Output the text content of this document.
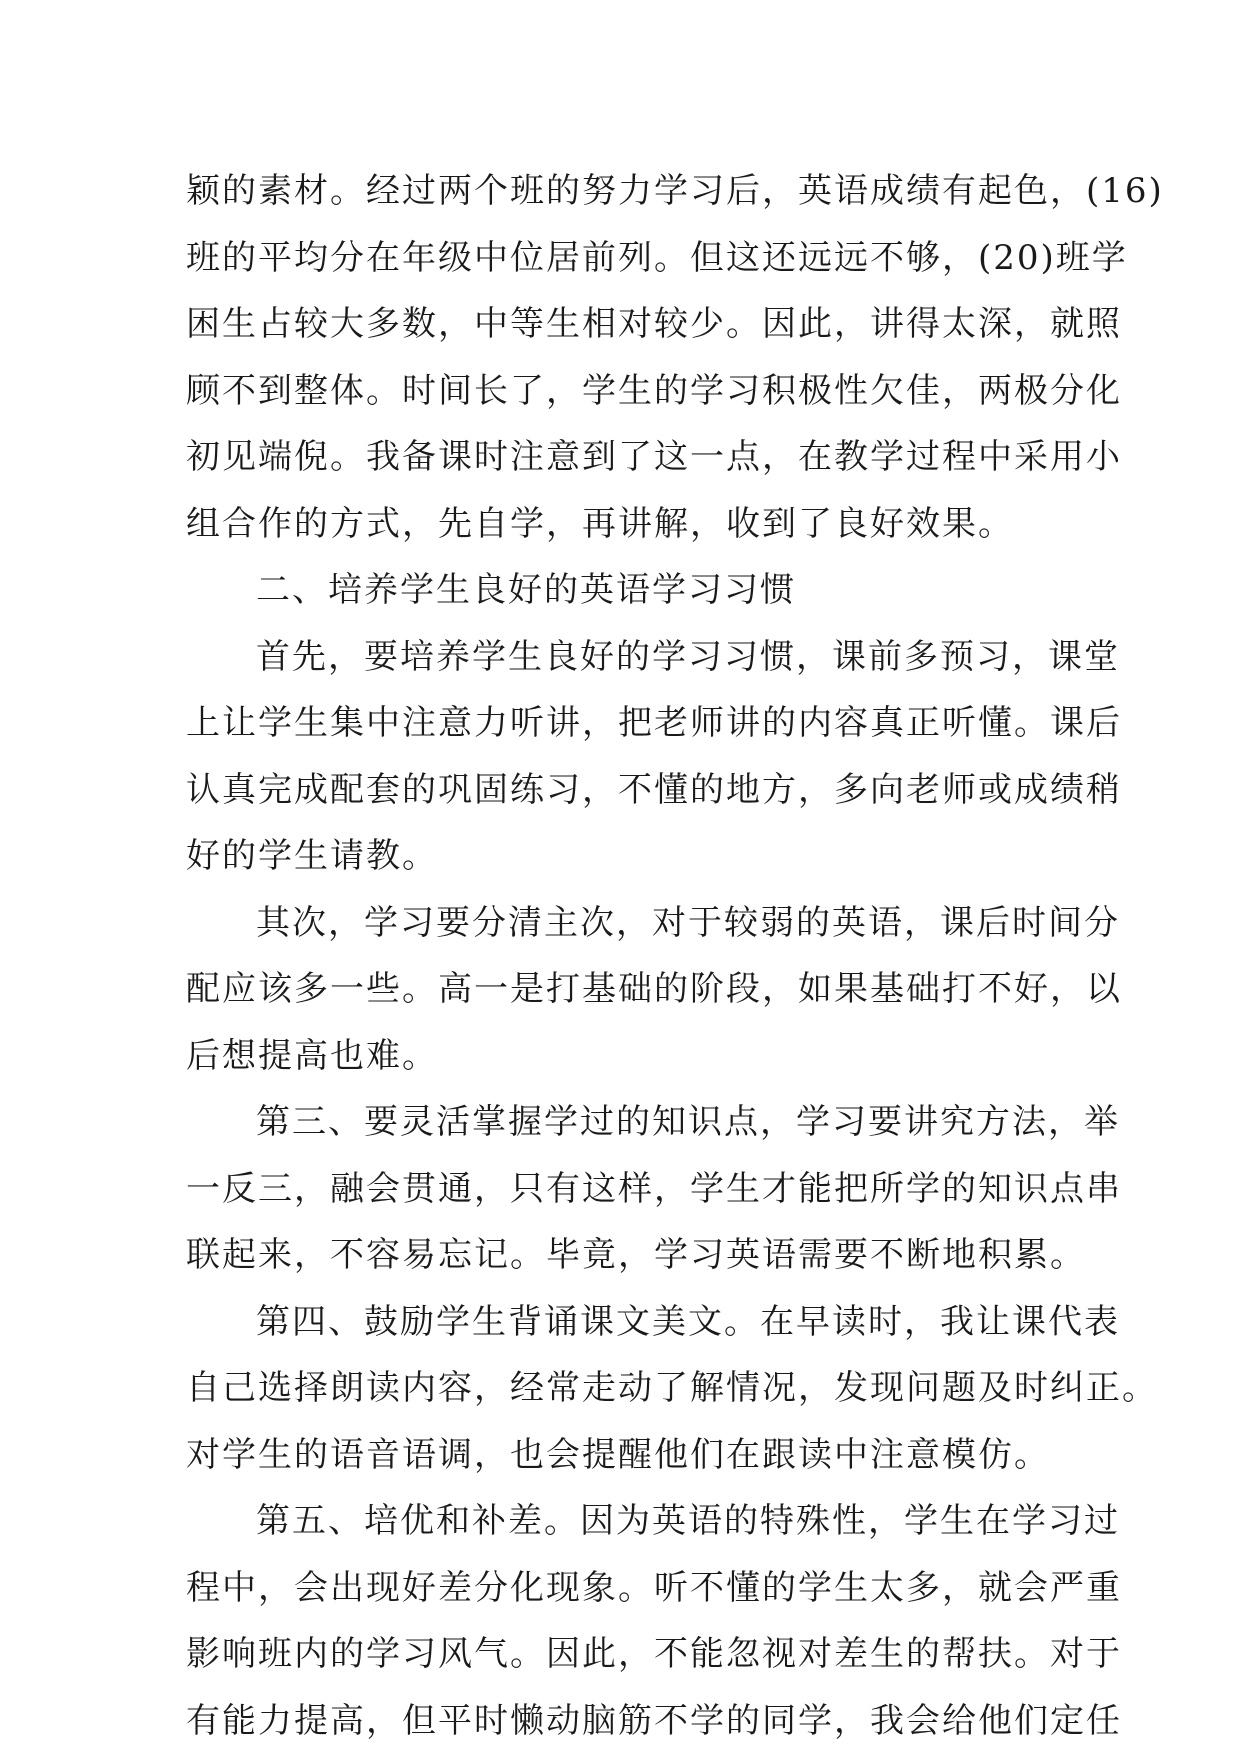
颖的素材。经过两个班的努力学习后，英语成绩有起色，(16)
班的平均分在年级中位居前列。但这还远远不够，(20)班学
困生占较大多数，中等生相对较少。因此，讲得太深，就照
顾不到整体。时间长了，学生的学习积极性欠佳，两极分化
初见端倪。我备课时注意到了这一点，在教学过程中采用小
组合作的方式，先自学，再讲解，收到了良好效果。
二、培养学生良好的英语学习习惯
首先，要培养学生良好的学习习惯，课前多预习，课堂
上让学生集中注意力听讲，把老师讲的内容真正听懂。课后
认真完成配套的巩固练习，不懂的地方，多向老师或成绩稍
好的学生请教。
其次，学习要分清主次，对于较弱的英语，课后时间分
配应该多一些。高一是打基础的阶段，如果基础打不好，以
后想提高也难。
第三、要灵活掌握学过的知识点，学习要讲究方法，举
一反三，融会贯通，只有这样，学生才能把所学的知识点串
联起来，不容易忘记。毕竟，学习英语需要不断地积累。
第四、鼓励学生背诵课文美文。在早读时，我让课代表
自己选择朗读内容，经常走动了解情况，发现问题及时纠正。
对学生的语音语调，也会提醒他们在跟读中注意模仿。
第五、培优和补差。因为英语的特殊性，学生在学习过
程中，会出现好差分化现象。听不懂的学生太多，就会严重
影响班内的学习风气。因此，不能忽视对差生的帮扶。对于
有能力提高，但平时懒动脑筋不学的同学，我会给他们定任
